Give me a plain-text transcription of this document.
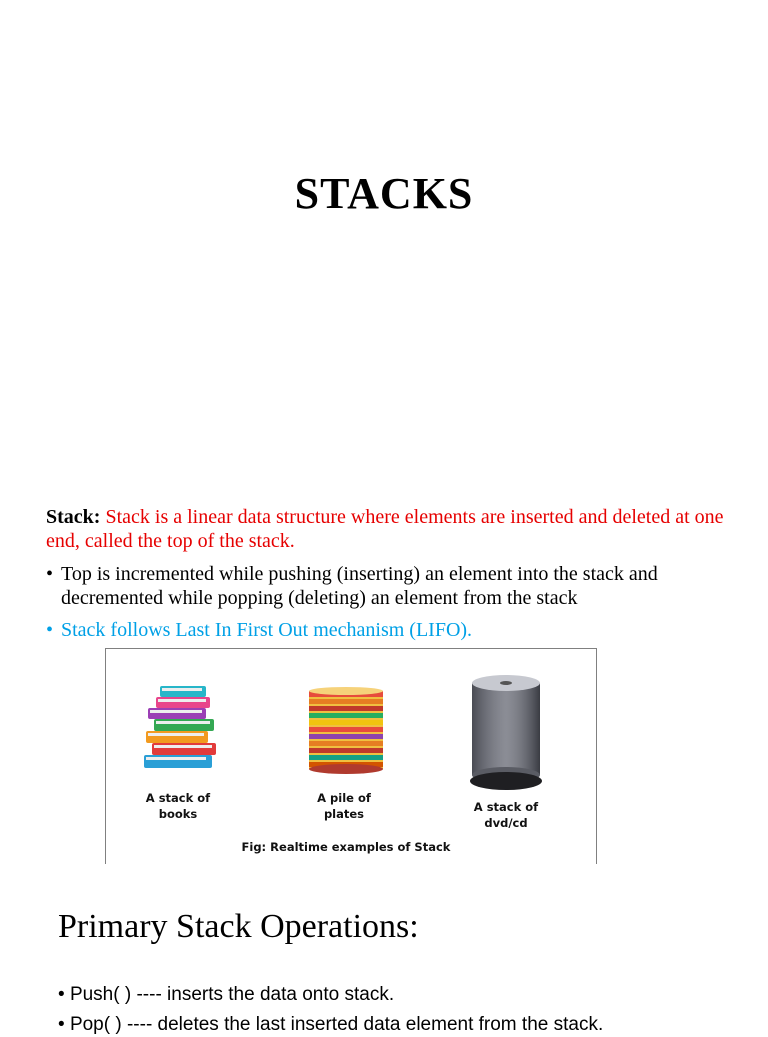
STACKS
Stack: Stack is a linear data structure where elements are inserted and deleted at one end, called the top of the stack.
• Top is incremented while pushing (inserting) an element into the stack and decremented while popping (deleting) an element from the stack
• Stack follows Last In First Out mechanism (LIFO).
A stack of books
A pile of plates	A stack of dvd/cd
Fig: Realtime examples of Stack
Primary Stack Operations:
• Push( ) ---- inserts the data onto stack.
• Pop( ) ---- deletes the last inserted data element from the stack.
